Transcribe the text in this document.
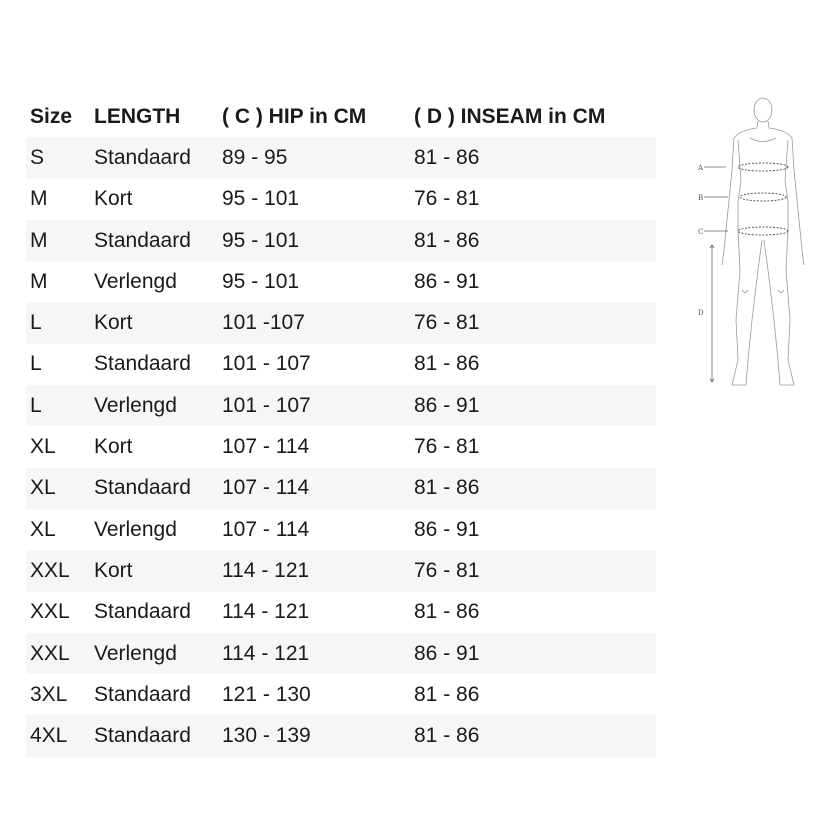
Size	LENGTH	( C ) HIP in CM	( D ) INSEAM in CM
S	Standaard	89 - 95	81 - 86
M	Kort	95 - 101	76 - 81
M	Standaard	95 - 101	81 - 86
M	Verlengd	95 - 101	86 - 91
L	Kort	101 -107	76 - 81
L	Standaard	101 - 107	81 - 86
L	Verlengd	101 - 107	86 - 91
XL	Kort	107 - 114	76 - 81
XL	Standaard	107 - 114	81 - 86
XL	Verlengd	107 - 114	86 - 91
XXL	Kort	114 - 121	76 - 81
XXL	Standaard	114 - 121	81 - 86
XXL	Verlengd	114 - 121	86 - 91
3XL	Standaard	121 - 130	81 - 86
4XL	Standaard	130 - 139	81 - 86
A
B
C
D
